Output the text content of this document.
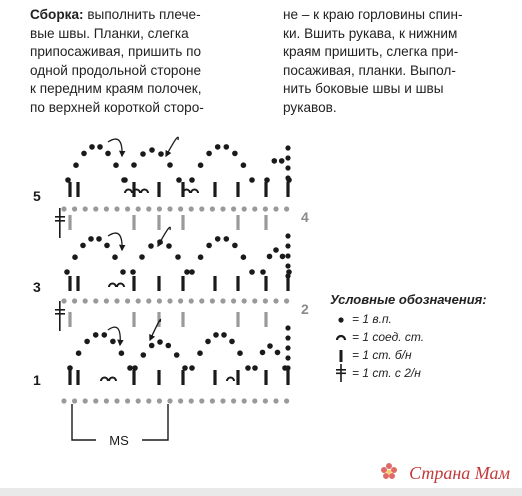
Сборка: выполнить плече-
вые швы. Планки, слегка
припосаживая, пришить по
одной продольной стороне
к передним краям полочек,
по верхней короткой сторо-
не – к краю горловины спин-
ки. Вшить рукава, к нижним
краям пришить, слегка при-
посаживая, планки. Выпол-
нить боковые швы и швы
рукавов.
5
4
3
2
1
MS
Условные обозначения:
= 1 в.п.
= 1 соед. ст.
= 1 ст. б/н
= 1 ст. с 2/н
Страна Мам
